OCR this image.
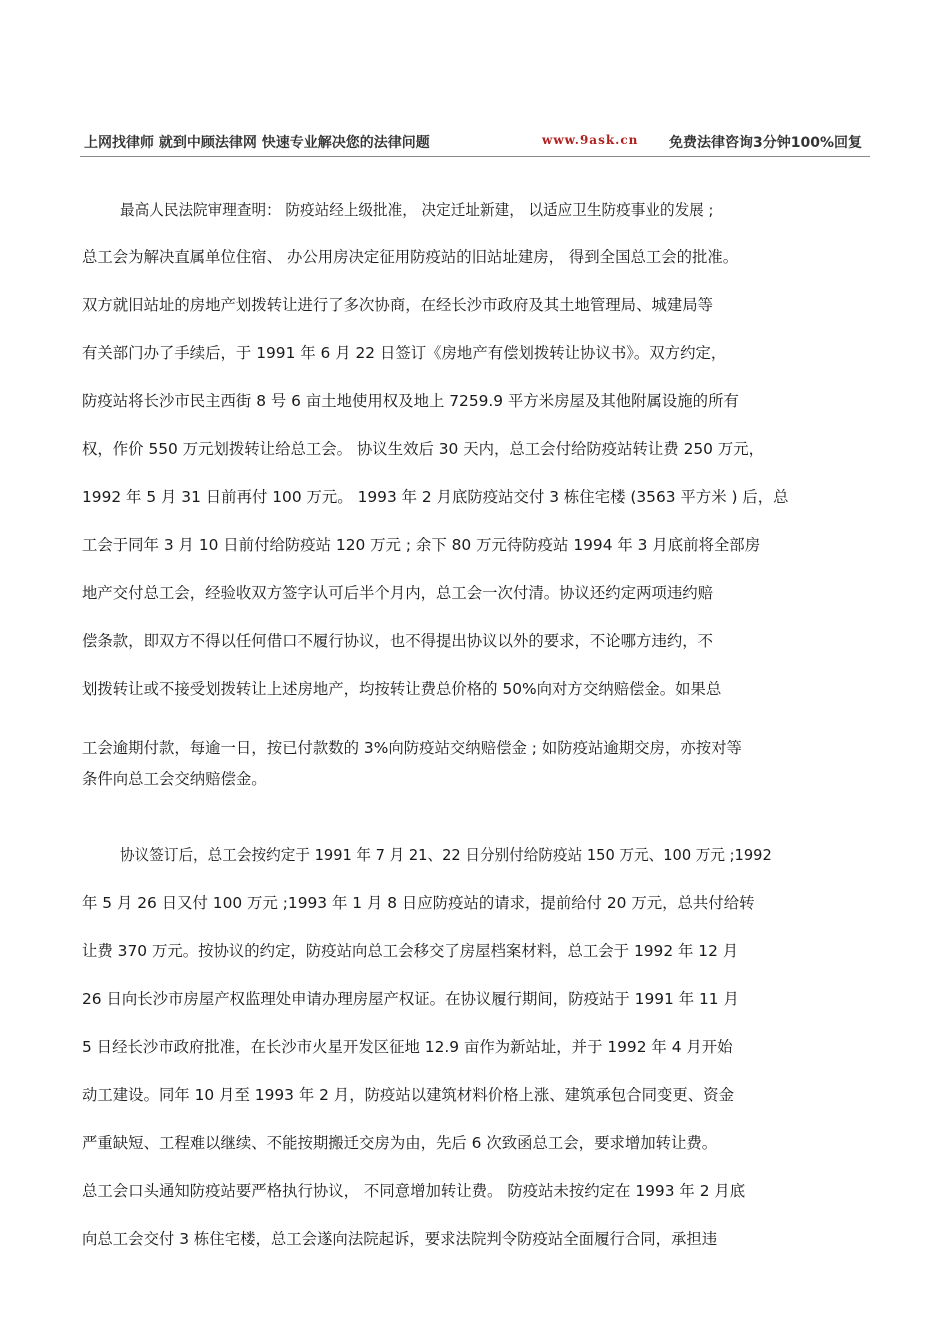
上网找律师 就到中顾法律网 快速专业解决您的法律问题	www.9ask.cn 免费法律咨询3分钟100%回复
最高人民法院审理查明： 防疫站经上级批准， 决定迁址新建， 以适应卫生防疫事业的发展 ;
总工会为解决直属单位住宿、 办公用房决定征用防疫站的旧站址建房， 得到全国总工会的批准。
双方就旧站址的房地产划拨转让进行了多次协商，在经长沙市政府及其土地管理局、城建局等
有关部门办了手续后，于 1991 年 6 月 22 日签订《房地产有偿划拨转让协议书》。双方约定，
防疫站将长沙市民主西街 8 号 6 亩土地使用权及地上 7259.9 平方米房屋及其他附属设施的所有
权，作价 550 万元划拨转让给总工会。 协议生效后 30 天内，总工会付给防疫站转让费 250 万元，
1992 年 5 月 31 日前再付 100 万元。 1993 年 2 月底防疫站交付 3 栋住宅楼 (3563 平方米 ) 后，总
工会于同年 3 月 10 日前付给防疫站 120 万元 ; 余下 80 万元待防疫站 1994 年 3 月底前将全部房
地产交付总工会，经验收双方签字认可后半个月内，总工会一次付清。协议还约定两项违约赔
偿条款，即双方不得以任何借口不履行协议，也不得提出协议以外的要求，不论哪方违约，不
划拨转让或不接受划拨转让上述房地产，均按转让费总价格的 50%向对方交纳赔偿金。如果总
工会逾期付款，每逾一日，按已付款数的 3%向防疫站交纳赔偿金 ; 如防疫站逾期交房，亦按对等
条件向总工会交纳赔偿金。
协议签订后，总工会按约定于 1991 年 7 月 21、22 日分别付给防疫站 150 万元、100 万元 ;1992
年 5 月 26 日又付 100 万元 ;1993 年 1 月 8 日应防疫站的请求，提前给付 20 万元，总共付给转
让费 370 万元。按协议的约定，防疫站向总工会移交了房屋档案材料，总工会于 1992 年 12 月
26 日向长沙市房屋产权监理处申请办理房屋产权证。在协议履行期间，防疫站于 1991 年 11 月
5 日经长沙市政府批准，在长沙市火星开发区征地 12.9 亩作为新站址，并于 1992 年 4 月开始
动工建设。同年 10 月至 1993 年 2 月，防疫站以建筑材料价格上涨、建筑承包合同变更、资金
严重缺短、工程难以继续、不能按期搬迁交房为由，先后 6 次致函总工会，要求增加转让费。
总工会口头通知防疫站要严格执行协议， 不同意增加转让费。 防疫站未按约定在 1993 年 2 月底
向总工会交付 3 栋住宅楼，总工会遂向法院起诉，要求法院判令防疫站全面履行合同，承担违
